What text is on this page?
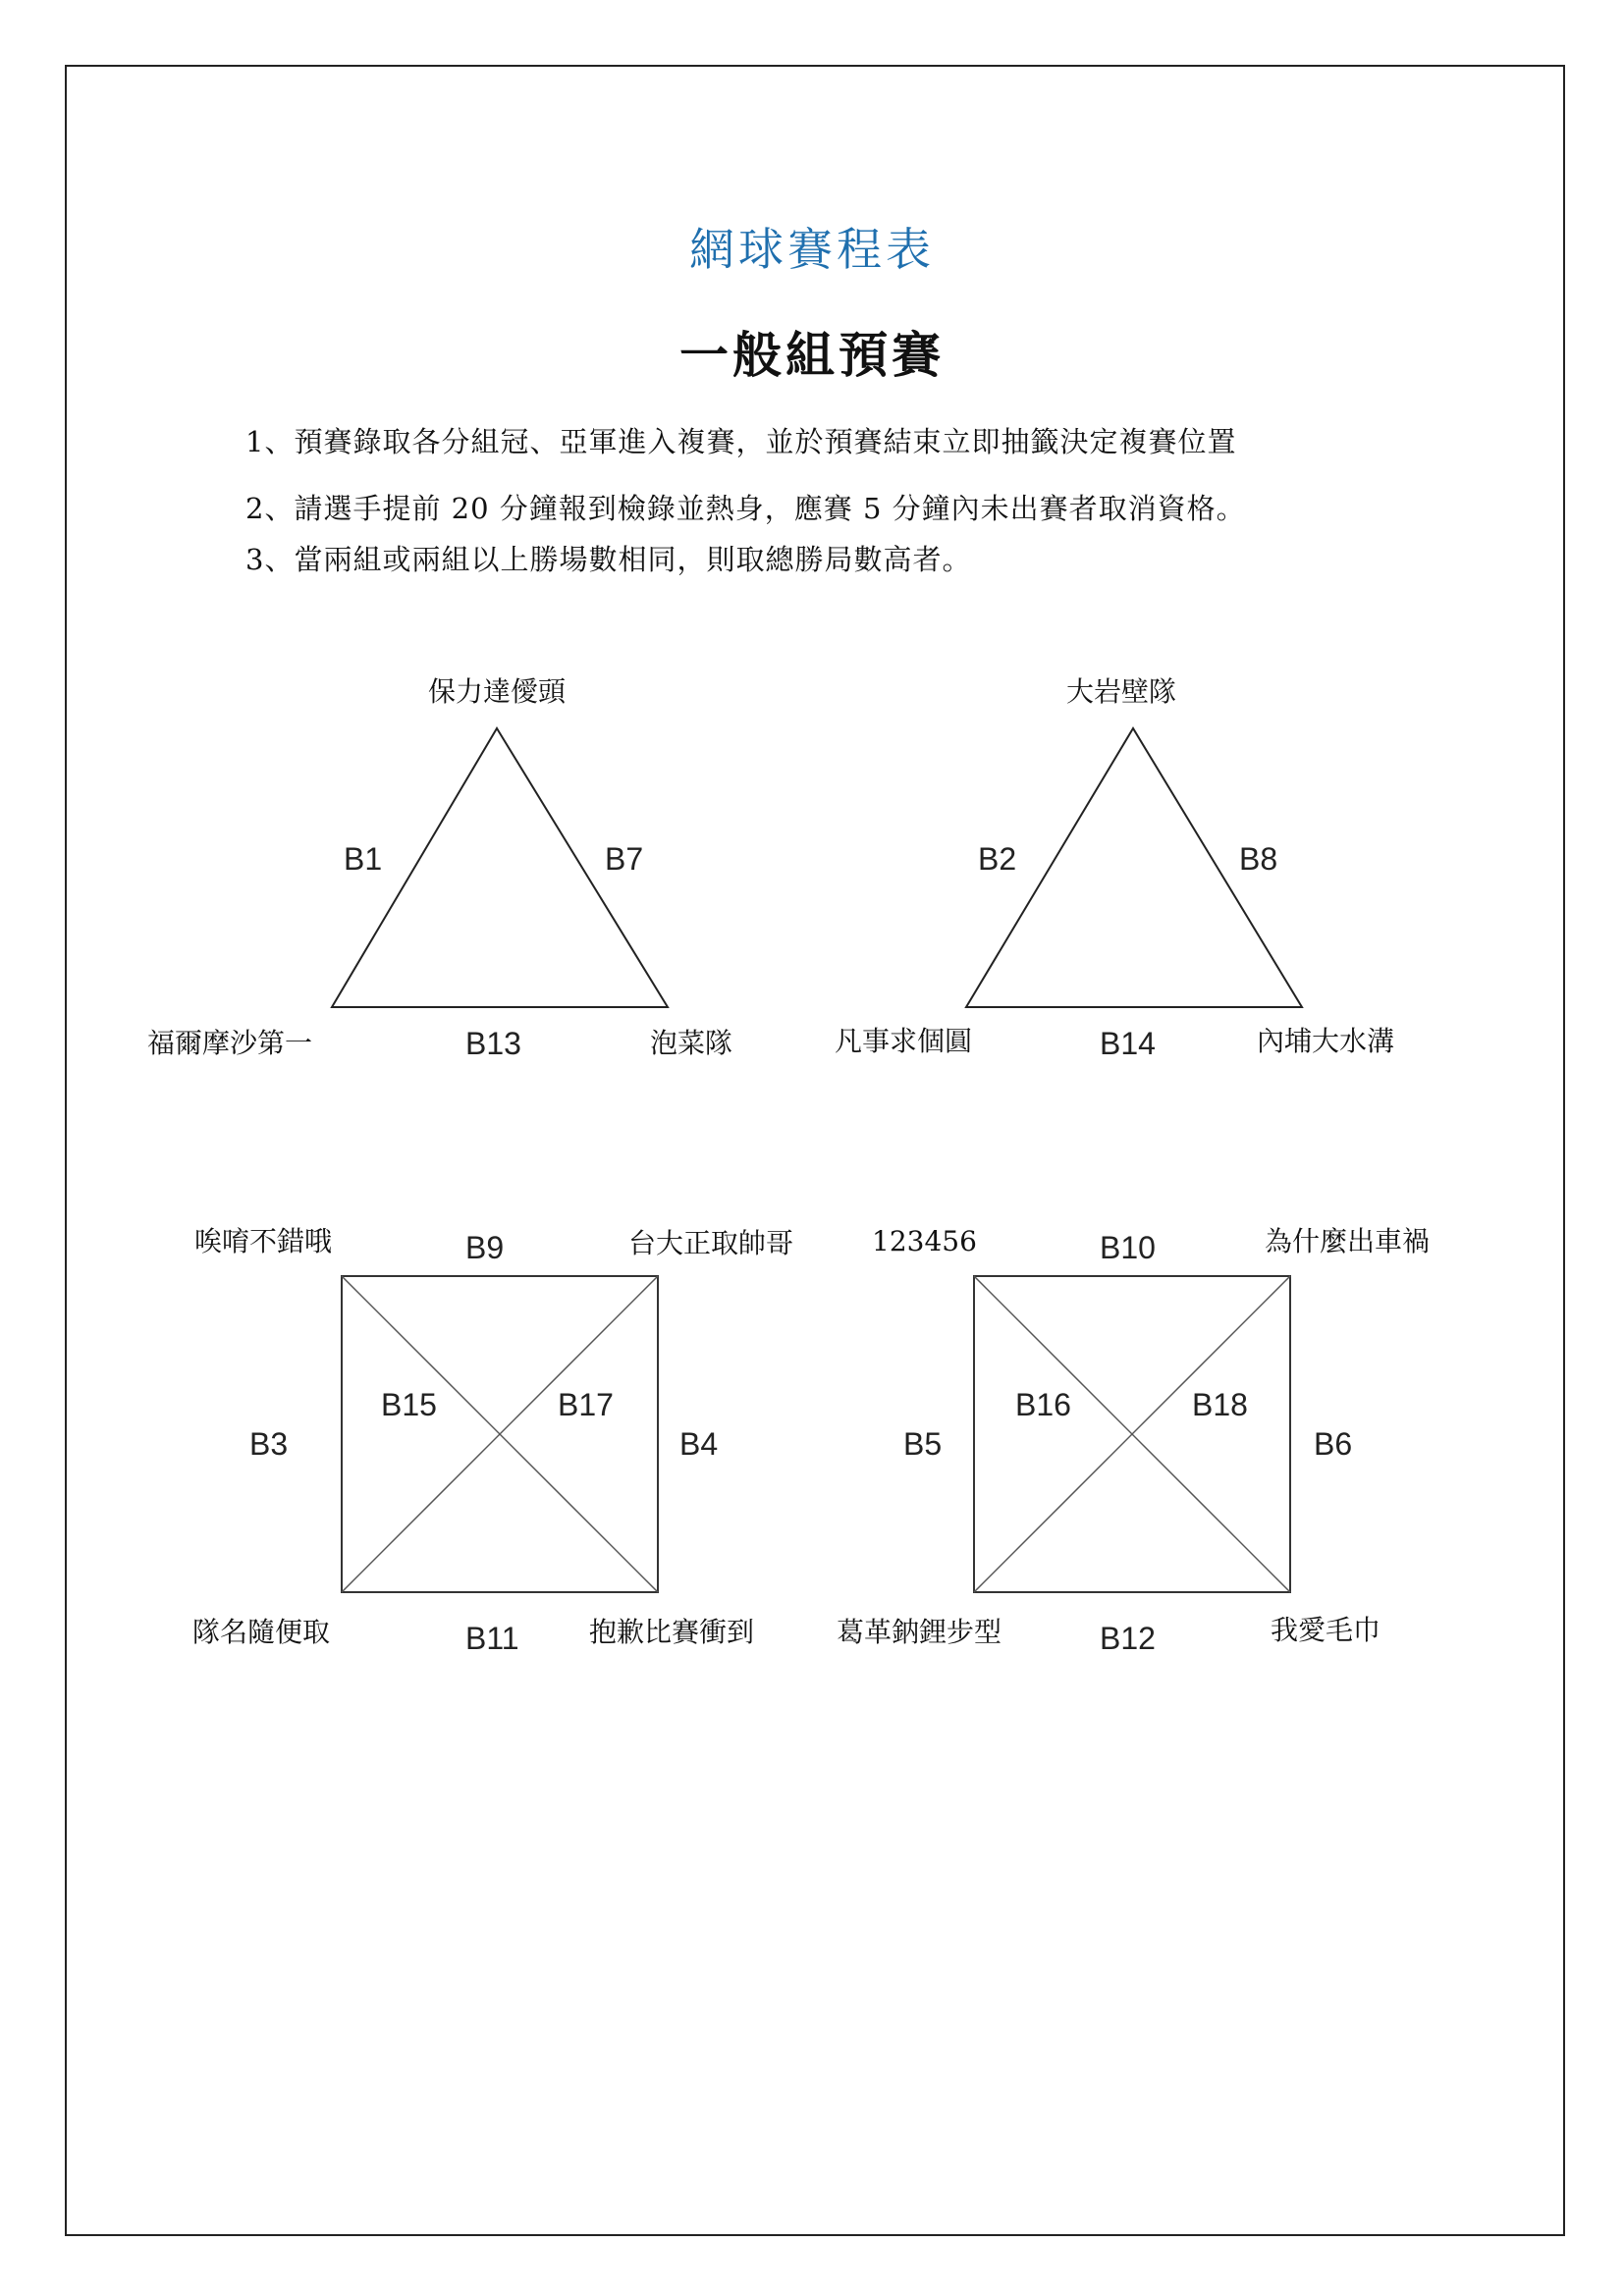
網球賽程表
一般組預賽
1、預賽錄取各分組冠、亞軍進入複賽，並於預賽結束立即抽籤決定複賽位置
2、請選手提前 20 分鐘報到檢錄並熱身，應賽 5 分鐘內未出賽者取消資格。
3、當兩組或兩組以上勝場數相同，則取總勝局數高者。
保力達僾頭
福爾摩沙第一	泡菜隊
B1	B7
B13
大岩壁隊
凡事求個圓	內埔大水溝
B2	B8
B14
唉唷不錯哦	台大正取帥哥
隊名隨便取	抱歉比賽衝到
B9
B11
B3	B4
B15	B17
123456	為什麼出車禍
葛革鈉鋰步型	我愛毛巾
B10
B12
B5	B6
B16	B18
